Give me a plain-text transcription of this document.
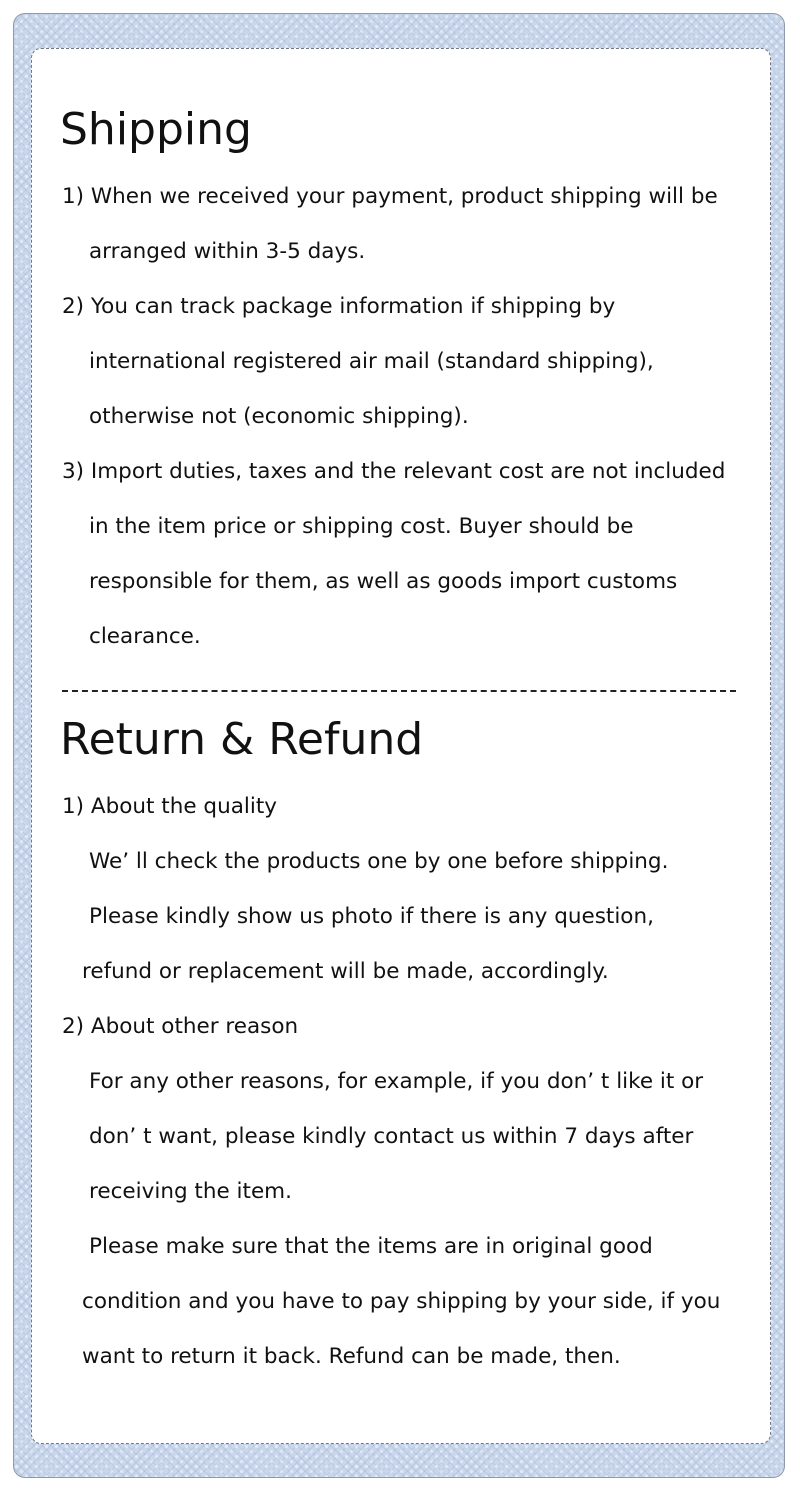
Shipping
1) When we received your payment, product shipping will be
arranged within 3-5 days.
2) You can track package information if shipping by
international registered air mail (standard shipping),
otherwise not (economic shipping).
3) Import duties, taxes and the relevant cost are not included
in the item price or shipping cost. Buyer should be
responsible for them, as well as goods import customs
clearance.
Return & Refund
1) About the quality
We’ ll check the products one by one before shipping.
Please kindly show us photo if there is any question,
refund or replacement will be made, accordingly.
2) About other reason
For any other reasons, for example, if you don’ t like it or
don’ t want, please kindly contact us within 7 days after
receiving the item.
Please make sure that the items are in original good
condition and you have to pay shipping by your side, if you
want to return it back. Refund can be made, then.
